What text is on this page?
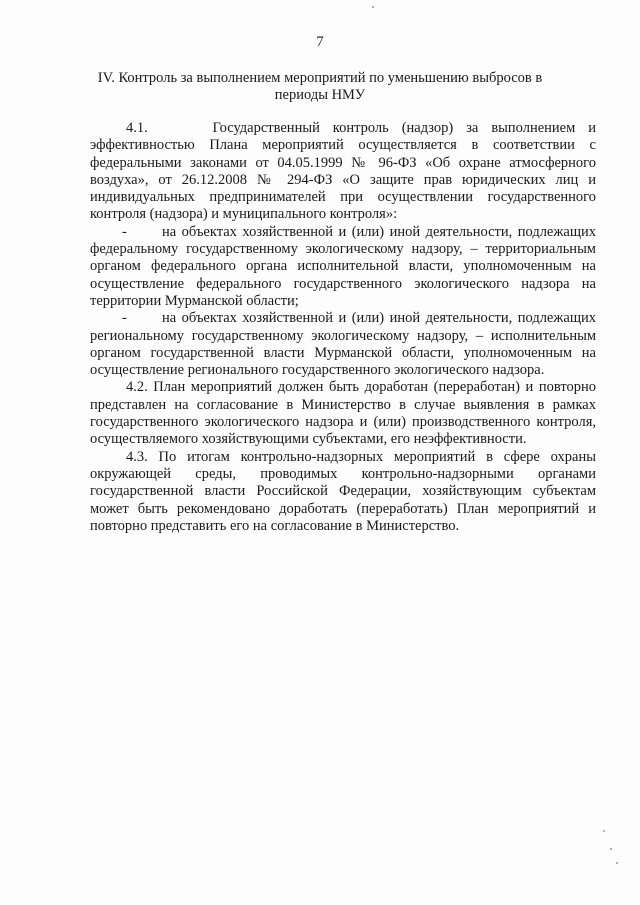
7
IV. Контроль за выполнением мероприятий по уменьшению выбросов в периоды НМУ

4.1.     Государственный контроль (надзор) за выполнением и эффективностью Плана мероприятий осуществляется в соответствии с федеральными законами от 04.05.1999 № 96-ФЗ «Об охране атмосферного воздуха», от 26.12.2008 № 294-ФЗ «О защите прав юридических лиц и индивидуальных предпринимателей при осуществлении государственного контроля (надзора) и муниципального контроля»:

- на объектах хозяйственной и (или) иной деятельности, подлежащих федеральному государственному экологическому надзору, – территориальным органом федерального органа исполнительной власти, уполномоченным на осуществление федерального государственного экологического надзора на территории Мурманской области;

- на объектах хозяйственной и (или) иной деятельности, подлежащих региональному государственному экологическому надзору, – исполнительным органом государственной власти Мурманской области, уполномоченным на осуществление регионального государственного экологического надзора.

4.2. План мероприятий должен быть доработан (переработан) и повторно представлен на согласование в Министерство в случае выявления в рамках государственного экологического надзора и (или) производственного контроля, осуществляемого хозяйствующими субъектами, его неэффективности.

4.3. По итогам контрольно-надзорных мероприятий в сфере охраны окружающей среды, проводимых контрольно-надзорными органами государственной власти Российской Федерации, хозяйствующим субъектам может быть рекомендовано доработать (переработать) План мероприятий и повторно представить его на согласование в Министерство.
